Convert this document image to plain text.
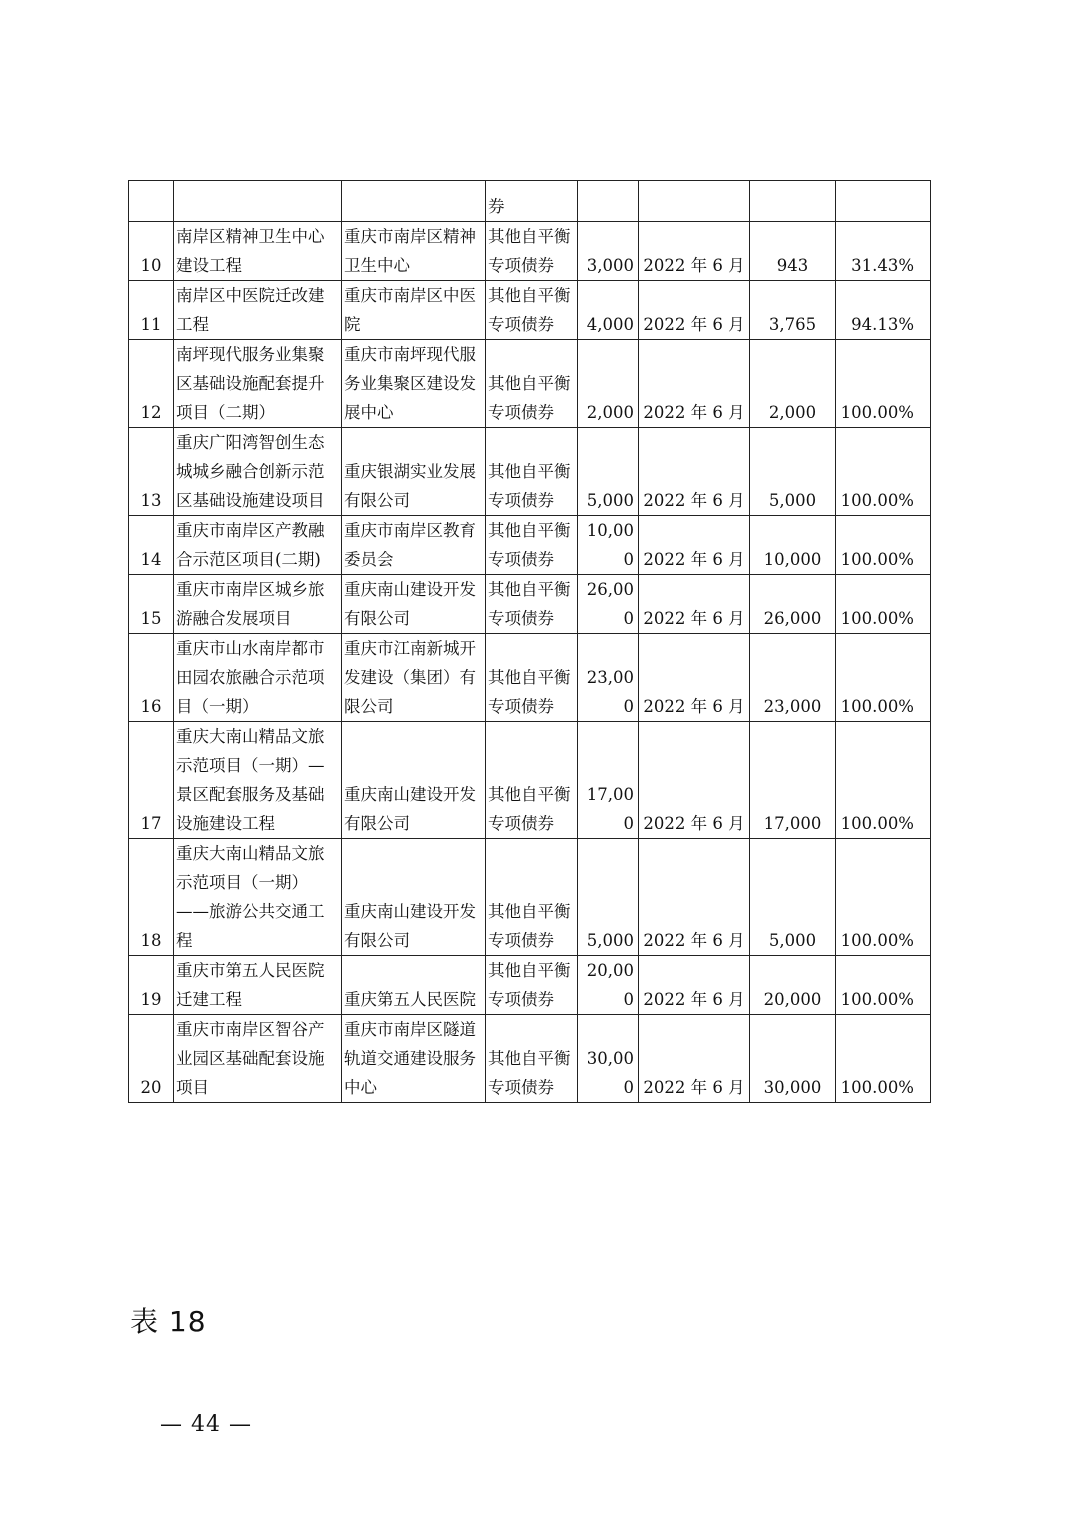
			券				
10	南岸区精神卫生中心建设工程	重庆市南岸区精神卫生中心	其他自平衡专项债券	3,000	2022 年 6 月	943	31.43%
11	南岸区中医院迁改建工程	重庆市南岸区中医院	其他自平衡专项债券	4,000	2022 年 6 月	3,765	94.13%
12	南坪现代服务业集聚区基础设施配套提升项目（二期）	重庆市南坪现代服务业集聚区建设发展中心	其他自平衡专项债券	2,000	2022 年 6 月	2,000	100.00%
13	重庆广阳湾智创生态城城乡融合创新示范区基础设施建设项目	重庆银湖实业发展有限公司	其他自平衡专项债券	5,000	2022 年 6 月	5,000	100.00%
14	重庆市南岸区产教融合示范区项目(二期)	重庆市南岸区教育委员会	其他自平衡专项债券	10,000	2022 年 6 月	10,000	100.00%
15	重庆市南岸区城乡旅游融合发展项目	重庆南山建设开发有限公司	其他自平衡专项债券	26,000	2022 年 6 月	26,000	100.00%
16	重庆市山水南岸都市田园农旅融合示范项目（一期）	重庆市江南新城开发建设（集团）有限公司	其他自平衡专项债券	23,000	2022 年 6 月	23,000	100.00%
17	重庆大南山精品文旅示范项目（一期）—景区配套服务及基础设施建设工程	重庆南山建设开发有限公司	其他自平衡专项债券	17,000	2022 年 6 月	17,000	100.00%
18	重庆大南山精品文旅示范项目（一期）——旅游公共交通工程	重庆南山建设开发有限公司	其他自平衡专项债券	5,000	2022 年 6 月	5,000	100.00%
19	重庆市第五人民医院迁建工程	重庆第五人民医院	其他自平衡专项债券	20,000	2022 年 6 月	20,000	100.00%
20	重庆市南岸区智谷产业园区基础配套设施项目	重庆市南岸区隧道轨道交通建设服务中心	其他自平衡专项债券	30,000	2022 年 6 月	30,000	100.00%
表 18
— 44 —
